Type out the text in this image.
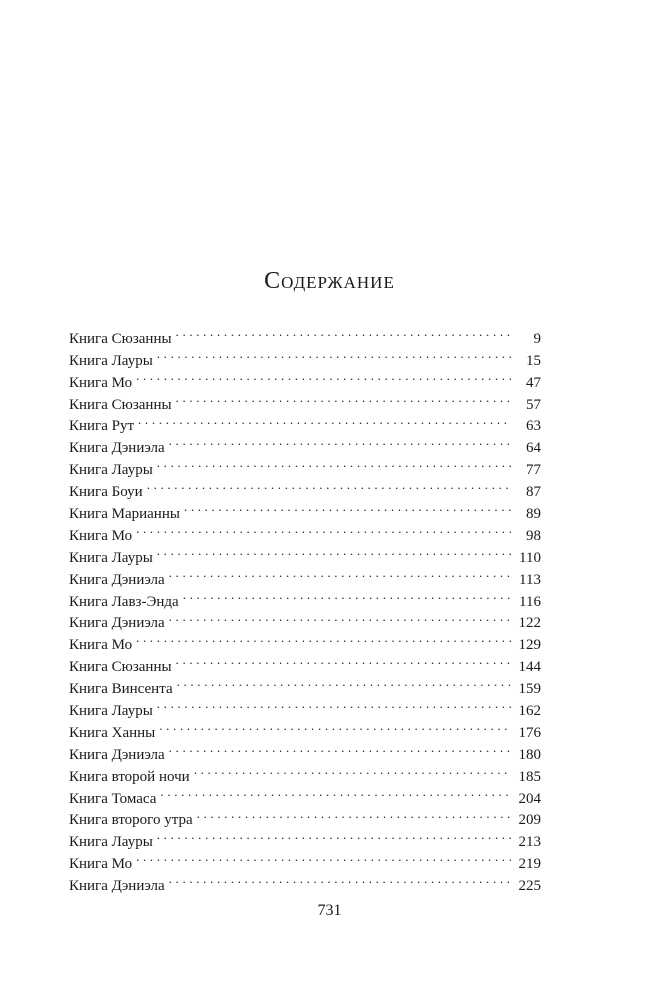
Содержание
Книга Сюзанны . . .	9
Книга Лауры . . .	15
Книга Мо . . .	47
Книга Сюзанны . . .	57
Книга Рут . . .	63
Книга Дэниэла . . .	64
Книга Лауры . . .	77
Книга Боуи . . .	87
Книга Марианны . . .	89
Книга Мо . . .	98
Книга Лауры . . .	110
Книга Дэниэла . . .	113
Книга Лавз-Энда . . .	116
Книга Дэниэла . . .	122
Книга Мо . . .	129
Книга Сюзанны . . .	144
Книга Винсента . . .	159
Книга Лауры . . .	162
Книга Ханны . . .	176
Книга Дэниэла . . .	180
Книга второй ночи . . .	185
Книга Томаса . . .	204
Книга второго утра . . .	209
Книга Лауры . . .	213
Книга Мо . . .	219
Книга Дэниэла . . .	225
731
